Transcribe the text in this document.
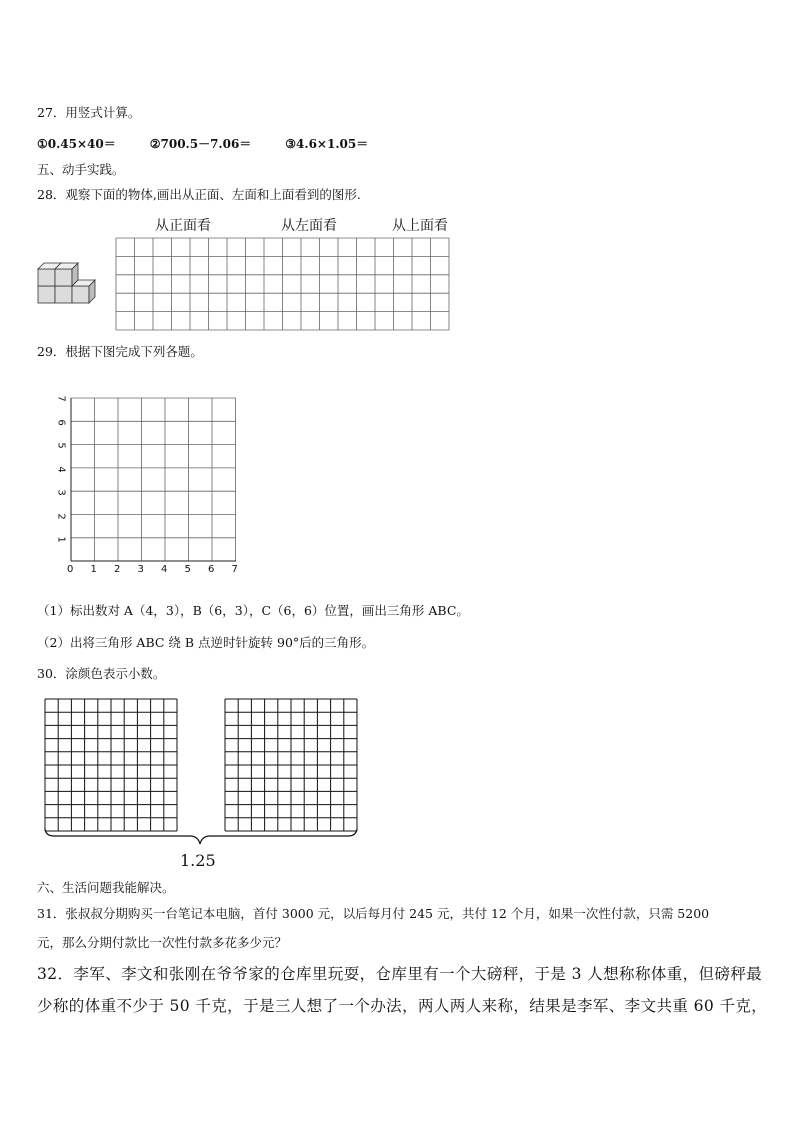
27．用竖式计算。
①0.45×40＝	②700.5－7.06＝	③4.6×1.05＝
五、动手实践。
28．观察下面的物体,画出从正面、左面和上面看到的图形.
从正面看	从左面看	从上面看
29．根据下图完成下列各题。
0 1 2 3 4 5 6 7
1
2
3
4
5
6
7
（1）标出数对 A（4，3），B（6，3），C（6，6）位置，画出三角形 ABC。
（2）出将三角形 ABC 绕 B 点逆时针旋转 90°后的三角形。
30．涂颜色表示小数。
1.25
六、生活问题我能解决。
31．张叔叔分期购买一台笔记本电脑，首付 3000 元，以后每月付 245 元，共付 12 个月，如果一次性付款，只需 5200
元，那么分期付款比一次性付款多花多少元？
32．李军、李文和张刚在爷爷家的仓库里玩耍，仓库里有一个大磅秤，于是 3 人想称称体重，但磅秤最
少称的体重不少于 50 千克，于是三人想了一个办法，两人两人来称，结果是李军、李文共重 60 千克，
